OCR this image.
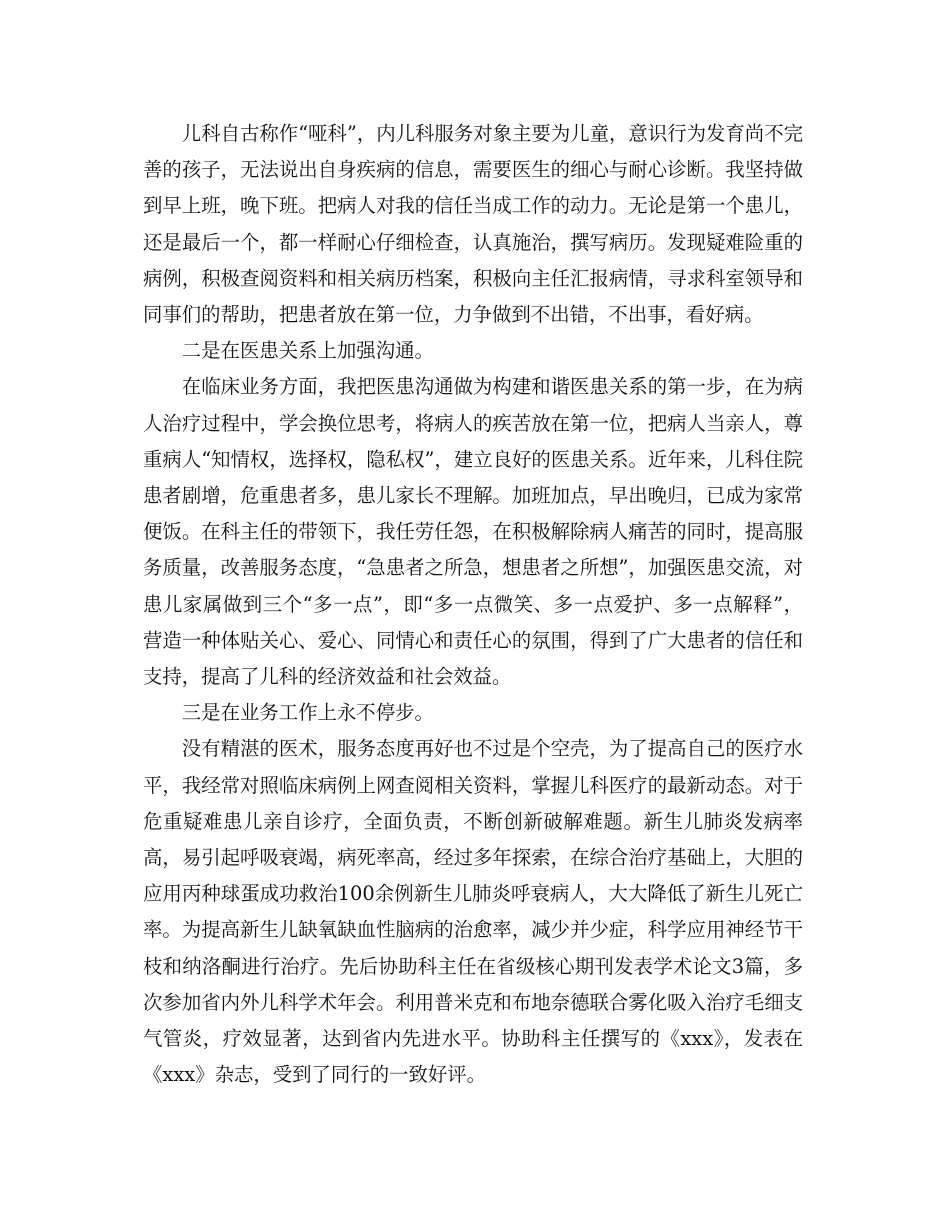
儿科自古称作“哑科”，内儿科服务对象主要为儿童，意识行为发育尚不完善的孩子，无法说出自身疾病的信息，需要医生的细心与耐心诊断。我坚持做到早上班，晚下班。把病人对我的信任当成工作的动力。无论是第一个患儿，还是最后一个，都一样耐心仔细检查，认真施治，撰写病历。发现疑难险重的病例，积极查阅资料和相关病历档案，积极向主任汇报病情，寻求科室领导和同事们的帮助，把患者放在第一位，力争做到不出错，不出事，看好病。

二是在医患关系上加强沟通。

在临床业务方面，我把医患沟通做为构建和谐医患关系的第一步，在为病人治疗过程中，学会换位思考，将病人的疾苦放在第一位，把病人当亲人，尊重病人“知情权，选择权，隐私权”，建立良好的医患关系。近年来，儿科住院患者剧增，危重患者多，患儿家长不理解。加班加点，早出晚归，已成为家常便饭。在科主任的带领下，我任劳任怨，在积极解除病人痛苦的同时，提高服务质量，改善服务态度，“急患者之所急，想患者之所想”，加强医患交流，对患儿家属做到三个“多一点”，即“多一点微笑、多一点爱护、多一点解释”，营造一种体贴关心、爱心、同情心和责任心的氛围，得到了广大患者的信任和支持，提高了儿科的经济效益和社会效益。

三是在业务工作上永不停步。

没有精湛的医术，服务态度再好也不过是个空壳，为了提高自己的医疗水平，我经常对照临床病例上网查阅相关资料，掌握儿科医疗的最新动态。对于危重疑难患儿亲自诊疗，全面负责，不断创新破解难题。新生儿肺炎发病率高，易引起呼吸衰竭，病死率高，经过多年探索，在综合治疗基础上，大胆的应用丙种球蛋成功救治100余例新生儿肺炎呼衰病人，大大降低了新生儿死亡率。为提高新生儿缺氧缺血性脑病的治愈率，减少并少症，科学应用神经节干枝和纳洛酮进行治疗。先后协助科主任在省级核心期刊发表学术论文3篇，多次参加省内外儿科学术年会。利用普米克和布地奈德联合雾化吸入治疗毛细支气管炎，疗效显著，达到省内先进水平。协助科主任撰写的《xxx》，发表在《xxx》杂志，受到了同行的一致好评。
